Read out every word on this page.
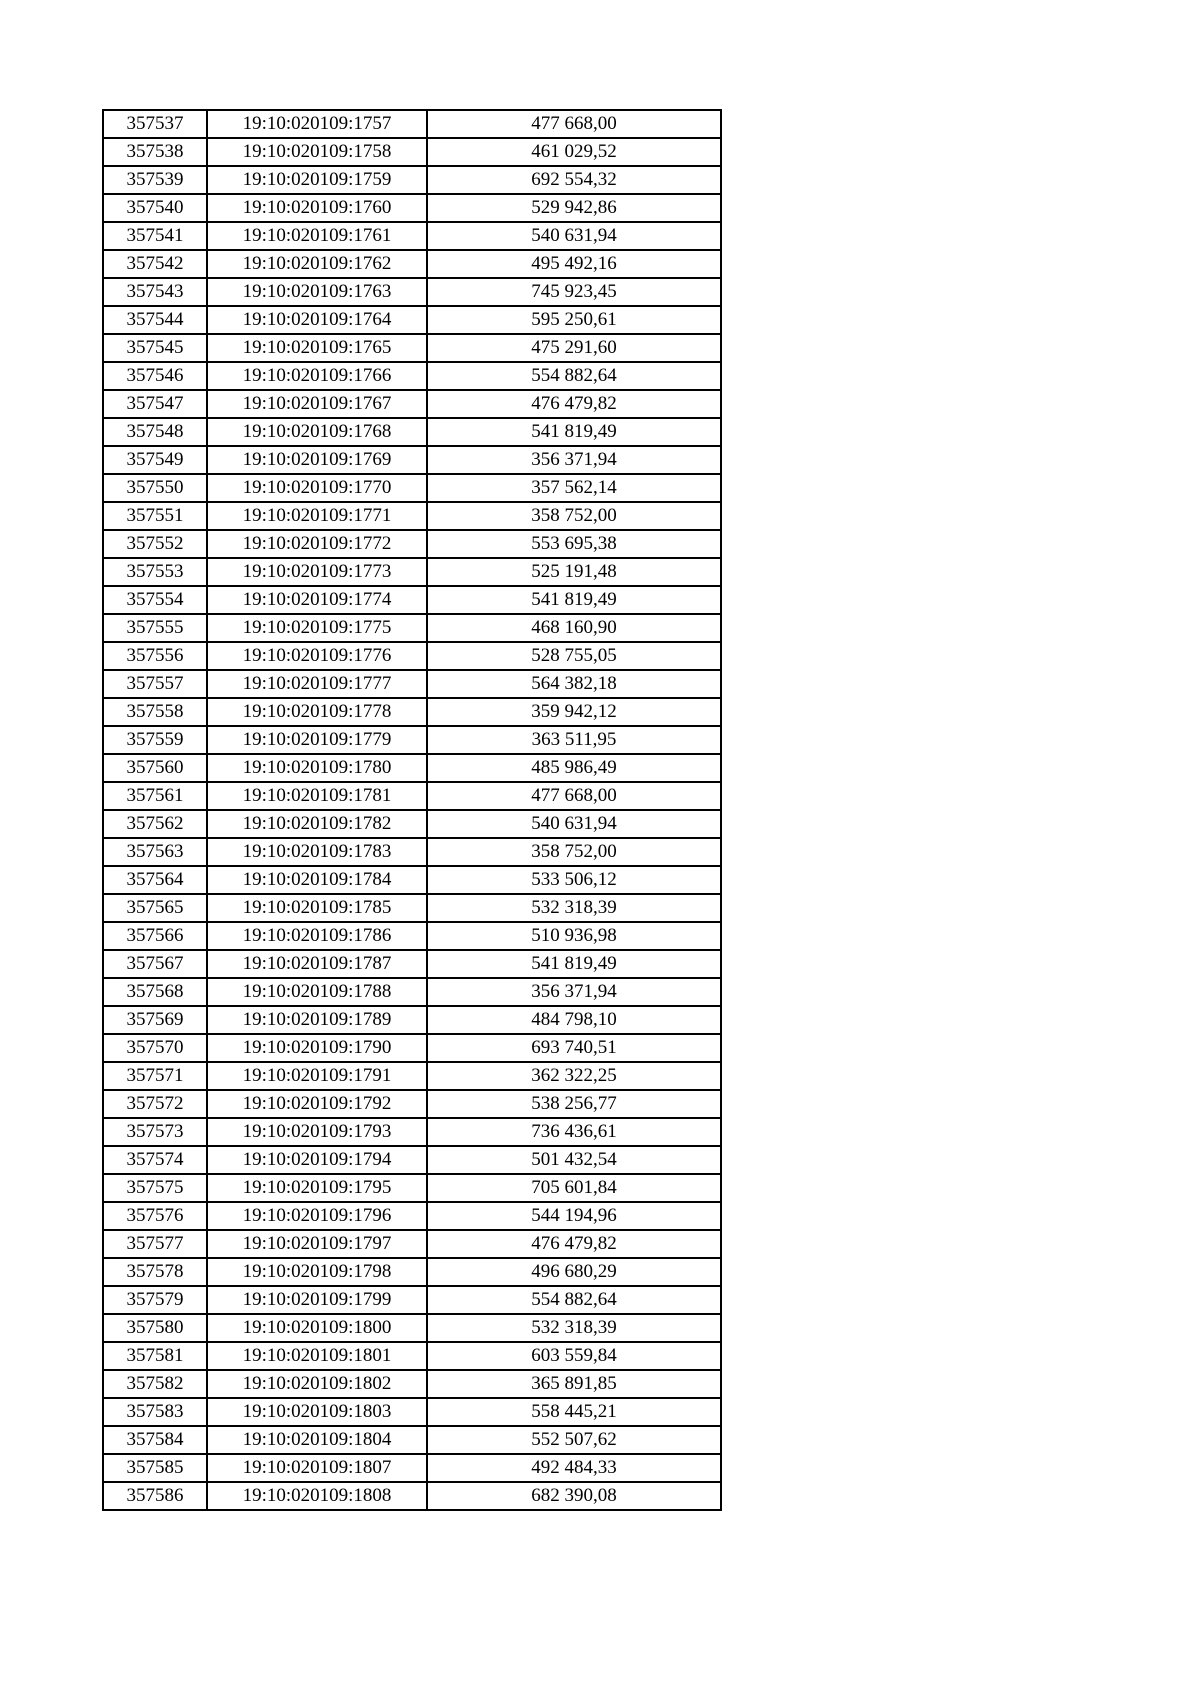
357537	19:10:020109:1757	477 668,00
357538	19:10:020109:1758	461 029,52
357539	19:10:020109:1759	692 554,32
357540	19:10:020109:1760	529 942,86
357541	19:10:020109:1761	540 631,94
357542	19:10:020109:1762	495 492,16
357543	19:10:020109:1763	745 923,45
357544	19:10:020109:1764	595 250,61
357545	19:10:020109:1765	475 291,60
357546	19:10:020109:1766	554 882,64
357547	19:10:020109:1767	476 479,82
357548	19:10:020109:1768	541 819,49
357549	19:10:020109:1769	356 371,94
357550	19:10:020109:1770	357 562,14
357551	19:10:020109:1771	358 752,00
357552	19:10:020109:1772	553 695,38
357553	19:10:020109:1773	525 191,48
357554	19:10:020109:1774	541 819,49
357555	19:10:020109:1775	468 160,90
357556	19:10:020109:1776	528 755,05
357557	19:10:020109:1777	564 382,18
357558	19:10:020109:1778	359 942,12
357559	19:10:020109:1779	363 511,95
357560	19:10:020109:1780	485 986,49
357561	19:10:020109:1781	477 668,00
357562	19:10:020109:1782	540 631,94
357563	19:10:020109:1783	358 752,00
357564	19:10:020109:1784	533 506,12
357565	19:10:020109:1785	532 318,39
357566	19:10:020109:1786	510 936,98
357567	19:10:020109:1787	541 819,49
357568	19:10:020109:1788	356 371,94
357569	19:10:020109:1789	484 798,10
357570	19:10:020109:1790	693 740,51
357571	19:10:020109:1791	362 322,25
357572	19:10:020109:1792	538 256,77
357573	19:10:020109:1793	736 436,61
357574	19:10:020109:1794	501 432,54
357575	19:10:020109:1795	705 601,84
357576	19:10:020109:1796	544 194,96
357577	19:10:020109:1797	476 479,82
357578	19:10:020109:1798	496 680,29
357579	19:10:020109:1799	554 882,64
357580	19:10:020109:1800	532 318,39
357581	19:10:020109:1801	603 559,84
357582	19:10:020109:1802	365 891,85
357583	19:10:020109:1803	558 445,21
357584	19:10:020109:1804	552 507,62
357585	19:10:020109:1807	492 484,33
357586	19:10:020109:1808	682 390,08
